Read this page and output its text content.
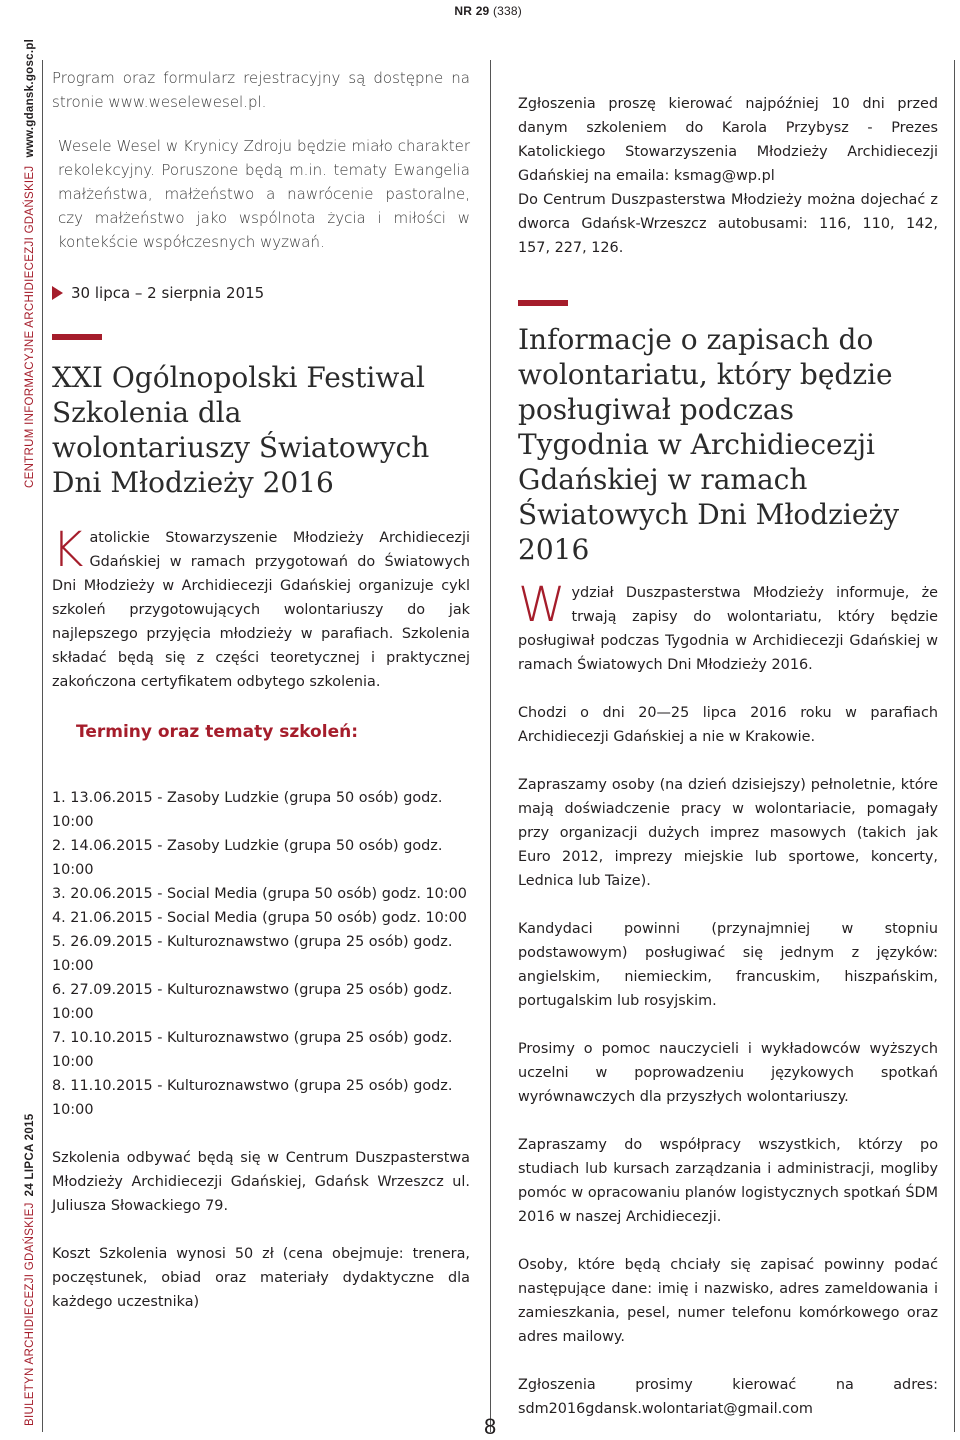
NR 29 (338)
CENTRUM INFORMACYJNE ARCHIDIECEZJI GDAŃSKIEJwww.gdansk.gosc.pl
BIULETYN ARCHIDIECEZJI GDAŃSKIEJ24 LIPCA 2015

Program oraz formularz rejestracyjny są dostępne na stronie www.weselewesel.pl.

Wesele Wesel w Krynicy Zdroju będzie miało charakter rekolekcyjny. Poruszone będą m.in. tematy Ewangelia małżeństwa, małżeństwo a nawrócenie pastoralne, czy małżeństwo jako wspólnota życia i miłości w kontekście współczesnych wyzwań.

30 lipca – 2 sierpnia 2015
XXI Ogólnopolski Festiwal Szkolenia dla wolontariuszy Światowych Dni Młodzieży 2016
K atolickie Stowarzyszenie Młodzieży Archidiecezji Gdańskiej w ramach przygotowań do Światowych Dni Młodzieży w Archidiecezji Gdańskiej organizuje cykl szkoleń przygotowujących wolontariuszy do jak najlepszego przyjęcia młodzieży w parafiach. Szkolenia składać będą się z części teoretycznej i praktycznej zakończona certyfikatem odbytego szkolenia.

Terminy oraz tematy szkoleń:

1. 13.06.2015 - Zasoby Ludzkie (grupa 50 osób) godz. 10:00

2. 14.06.2015 - Zasoby Ludzkie (grupa 50 osób) godz. 10:00

3. 20.06.2015 - Social Media (grupa 50 osób) godz. 10:00

4. 21.06.2015 - Social Media (grupa 50 osób) godz. 10:00

5. 26.09.2015 - Kulturoznawstwo (grupa 25 osób) godz. 10:00

6. 27.09.2015 - Kulturoznawstwo (grupa 25 osób) godz. 10:00

7. 10.10.2015 - Kulturoznawstwo (grupa 25 osób) godz. 10:00

8. 11.10.2015 - Kulturoznawstwo (grupa 25 osób) godz. 10:00

Szkolenia odbywać będą się w Centrum Duszpasterstwa Młodzieży Archidiecezji Gdańskiej, Gdańsk Wrzeszcz ul. Juliusza Słowackiego 79.

Koszt Szkolenia wynosi 50 zł (cena obejmuje: trenera, poczęstunek, obiad oraz materiały dydaktyczne dla każdego uczestnika)

Zgłoszenia proszę kierować najpóźniej 10 dni przed danym szkoleniem do Karola Przybysz - Prezes Katolickiego Stowarzyszenia Młodzieży Archidiecezji Gdańskiej na emaila: ksmag@wp.pl

Do Centrum Duszpasterstwa Młodzieży można dojechać z dworca Gdańsk-Wrzeszcz autobusami: 116, 110, 142, 157, 227, 126.

Informacje o zapisach do wolontariatu, który będzie posługiwał podczas Tygodnia w Archidiecezji Gdańskiej w ramach Światowych Dni Młodzieży 2016
W ydział Duszpasterstwa Młodzieży informuje, że trwają zapisy do wolontariatu, który będzie posługiwał podczas Tygodnia w Archidiecezji Gdańskiej w ramach Światowych Dni Młodzieży 2016.

Chodzi o dni 20—25 lipca 2016 roku w parafiach Archidiecezji Gdańskiej a nie w Krakowie.

Zapraszamy osoby (na dzień dzisiejszy) pełnoletnie, które mają doświadczenie pracy w wolontariacie, pomagały przy organizacji dużych imprez masowych (takich jak Euro 2012, imprezy miejskie lub sportowe, koncerty, Lednica lub Taize).

Kandydaci powinni (przynajmniej w stopniu podstawowym) posługiwać się jednym z języków: angielskim, niemieckim, francuskim, hiszpańskim, portugalskim lub rosyjskim.

Prosimy o pomoc nauczycieli i wykładowców wyższych uczelni w poprowadzeniu językowych spotkań wyrównawczych dla przyszłych wolontariuszy.

Zapraszamy do współpracy wszystkich, którzy po studiach lub kursach zarządzania i administracji, mogliby pomóc w opracowaniu planów logistycznych spotkań ŚDM 2016 w naszej Archidiecezji.

Osoby, które będą chciały się zapisać powinny podać następujące dane: imię i nazwisko, adres zameldowania i zamieszkania, pesel, numer telefonu komórkowego oraz adres mailowy.

Zgłoszenia prosimy kierować na adres: sdm2016gdansk.wolontariat@gmail.com

8
